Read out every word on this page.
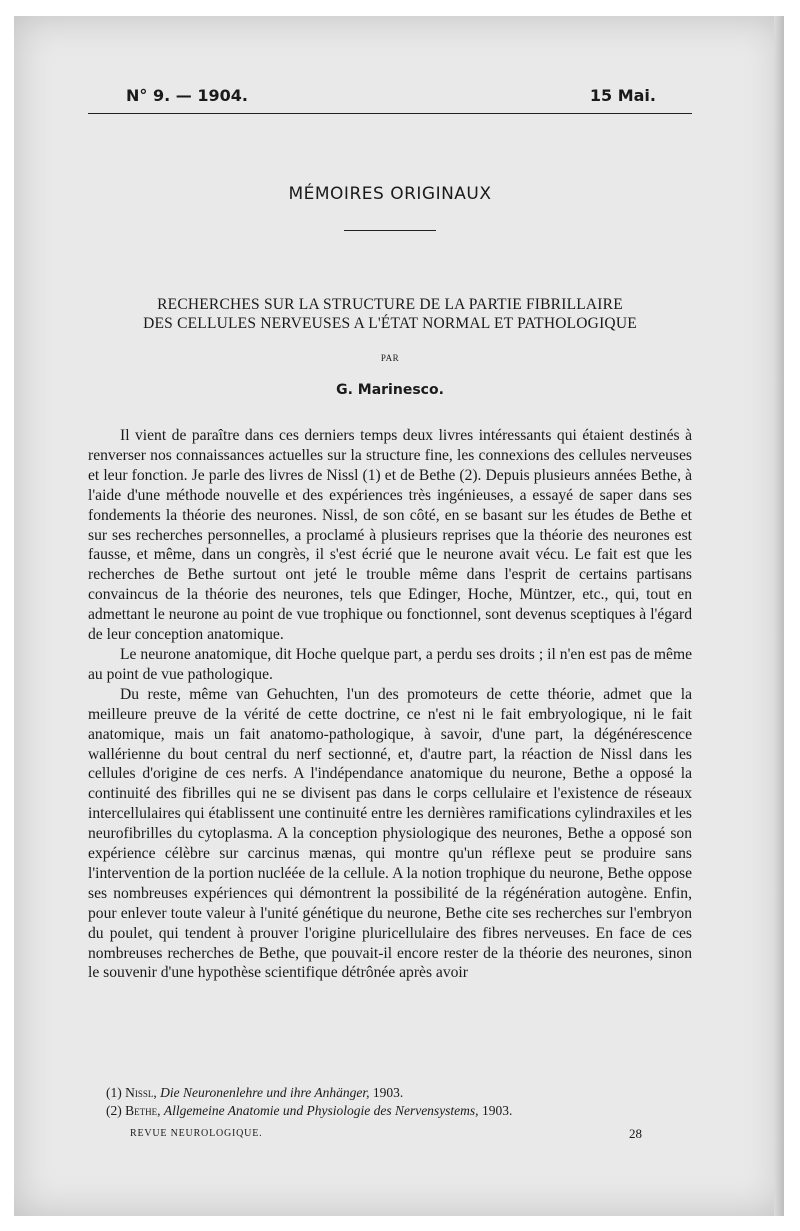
N° 9. — 1904.	15 Mai.
MÉMOIRES ORIGINAUX
RECHERCHES SUR LA STRUCTURE DE LA PARTIE FIBRILLAIRE
DES CELLULES NERVEUSES A L'ÉTAT NORMAL ET PATHOLOGIQUE
PAR
G. Marinesco.

Il vient de paraître dans ces derniers temps deux livres intéressants qui étaient destinés à renverser nos connaissances actuelles sur la structure fine, les connexions des cellules nerveuses et leur fonction. Je parle des livres de Nissl (1) et de Bethe (2). Depuis plusieurs années Bethe, à l'aide d'une méthode nouvelle et des expériences très ingénieuses, a essayé de saper dans ses fondements la théorie des neurones. Nissl, de son côté, en se basant sur les études de Bethe et sur ses recherches personnelles, a proclamé à plusieurs reprises que la théorie des neurones est fausse, et même, dans un congrès, il s'est écrié que le neurone avait vécu. Le fait est que les recherches de Bethe surtout ont jeté le trouble même dans l'esprit de certains partisans convaincus de la théorie des neurones, tels que Edinger, Hoche, Müntzer, etc., qui, tout en admettant le neurone au point de vue trophique ou fonctionnel, sont devenus sceptiques à l'égard de leur conception anatomique.

Le neurone anatomique, dit Hoche quelque part, a perdu ses droits ; il n'en est pas de même au point de vue pathologique.

Du reste, même van Gehuchten, l'un des promoteurs de cette théorie, admet que la meilleure preuve de la vérité de cette doctrine, ce n'est ni le fait embryologique, ni le fait anatomique, mais un fait anatomo-pathologique, à savoir, d'une part, la dégénérescence wallérienne du bout central du nerf sectionné, et, d'autre part, la réaction de Nissl dans les cellules d'origine de ces nerfs. A l'indépendance anatomique du neurone, Bethe a opposé la continuité des fibrilles qui ne se divisent pas dans le corps cellulaire et l'existence de réseaux intercellulaires qui établissent une continuité entre les dernières ramifications cylindraxiles et les neurofibrilles du cytoplasma. A la conception physiologique des neurones, Bethe a opposé son expérience célèbre sur carcinus mænas, qui montre qu'un réflexe peut se produire sans l'intervention de la portion nucléée de la cellule. A la notion trophique du neurone, Bethe oppose ses nombreuses expériences qui démontrent la possibilité de la régénération autogène. Enfin, pour enlever toute valeur à l'unité génétique du neurone, Bethe cite ses recherches sur l'embryon du poulet, qui tendent à prouver l'origine pluricellulaire des fibres nerveuses. En face de ces nombreuses recherches de Bethe, que pouvait-il encore rester de la théorie des neurones, sinon le souvenir d'une hypothèse scientifique détrônée après avoir

(1) Nissl, Die Neuronenlehre und ihre Anhänger, 1903.
(2) Bethe, Allgemeine Anatomie und Physiologie des Nervensystems, 1903.
REVUE NEUROLOGIQUE.	28
